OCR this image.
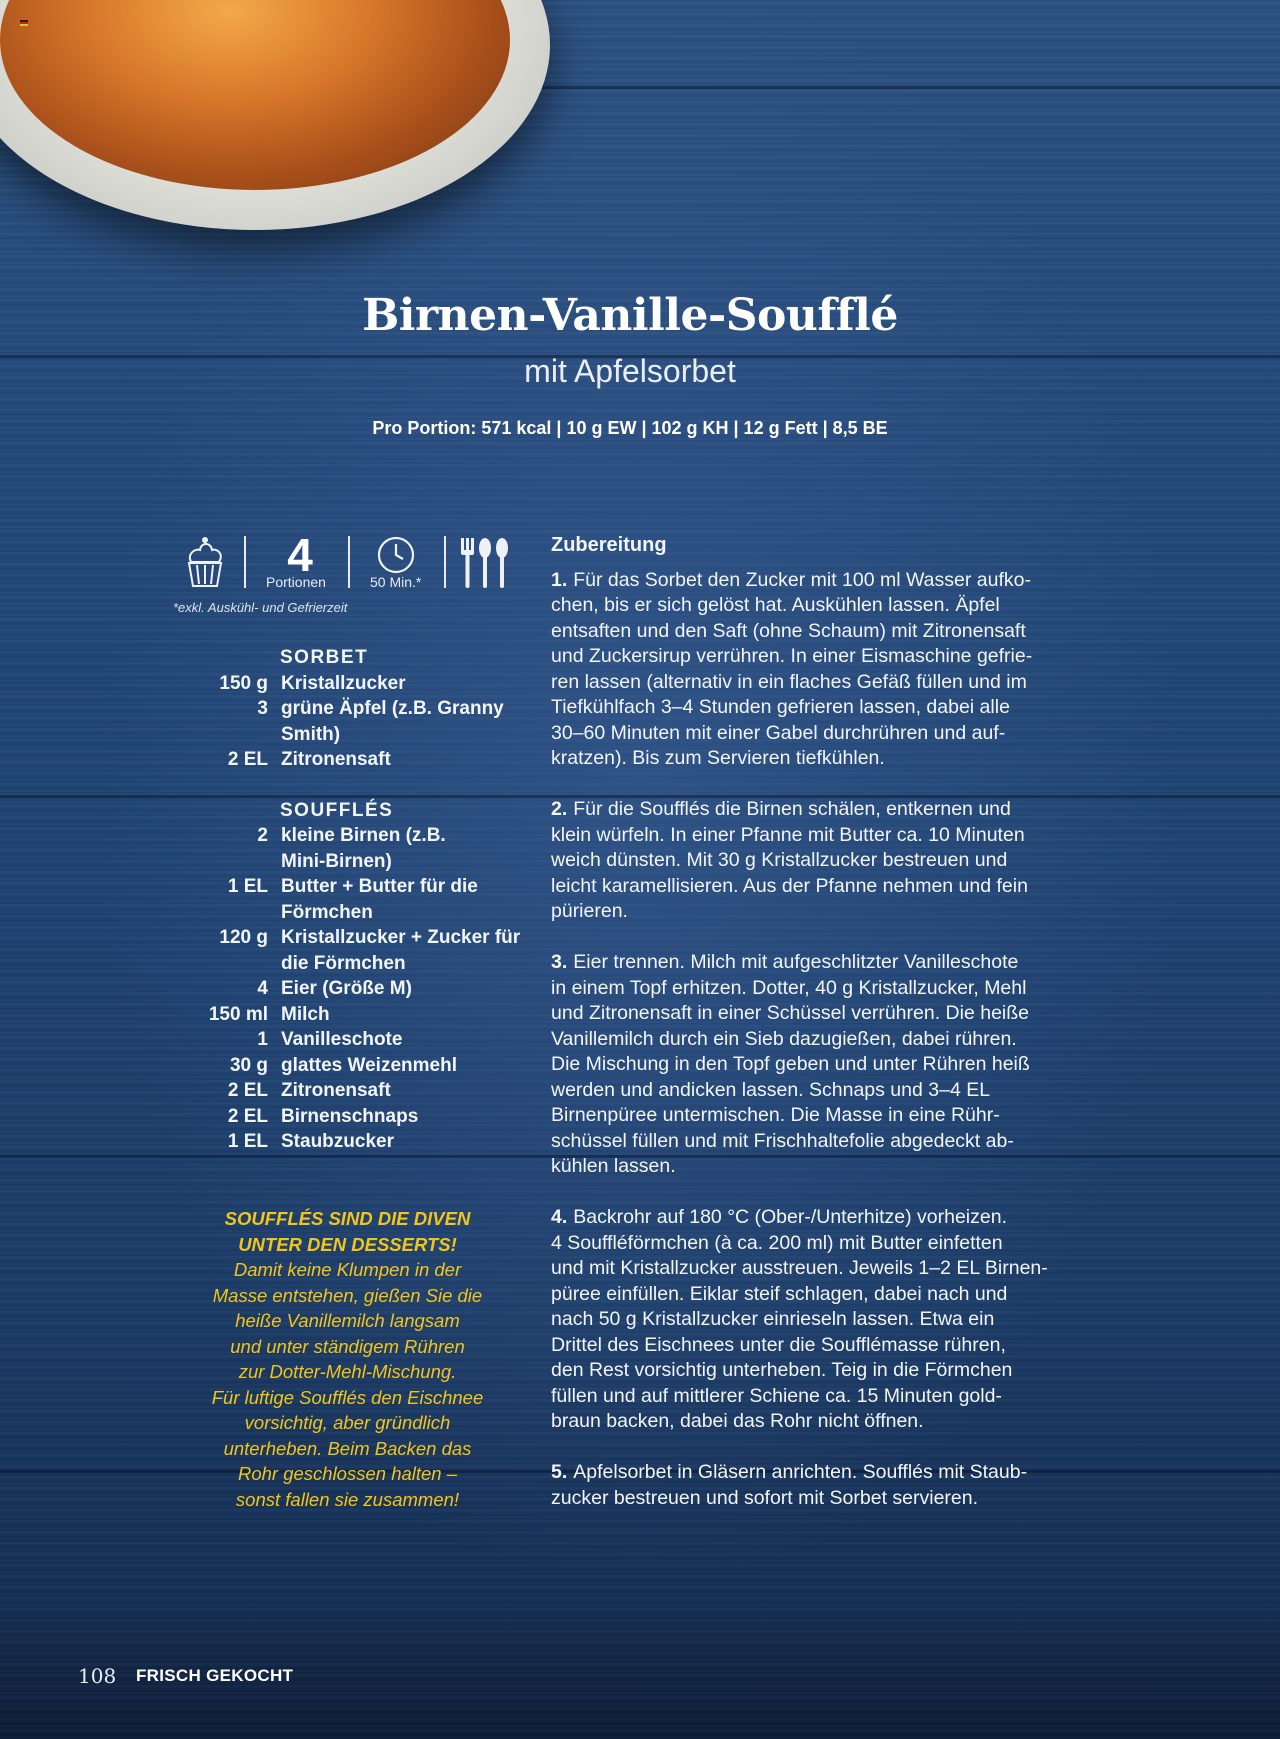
Birnen-Vanille-Soufflé
mit Apfelsorbet
Pro Portion: 571 kcal | 10 g EW | 102 g KH | 12 g Fett | 8,5 BE
4
Portionen	50 Min.*
*exkl. Auskühl- und Gefrierzeit
SORBET
150 g Kristallzucker
3 grüne Äpfel (z.B. Granny
Smith)
2 EL Zitronensaft
SOUFFLÉS
2 kleine Birnen (z.B.
Mini-Birnen)
1 EL Butter + Butter für die
Förmchen
120 g Kristallzucker + Zucker für
die Förmchen
4 Eier (Größe M)
150 ml Milch
1 Vanilleschote
30 g glattes Weizenmehl
2 EL Zitronensaft
2 EL Birnenschnaps
1 EL Staubzucker
SOUFFLÉS SIND DIE DIVEN
UNTER DEN DESSERTS!
Damit keine Klumpen in der
Masse entstehen, gießen Sie die
heiße Vanillemilch langsam
und unter ständigem Rühren
zur Dotter-Mehl-Mischung.
Für luftige Soufflés den Eischnee
vorsichtig, aber gründlich
unterheben. Beim Backen das
Rohr geschlossen halten –
sonst fallen sie zusammen!
Zubereitung
1. Für das Sorbet den Zucker mit 100 ml Wasser aufko-
chen, bis er sich gelöst hat. Auskühlen lassen. Äpfel
entsaften und den Saft (ohne Schaum) mit Zitronensaft
und Zuckersirup verrühren. In einer Eismaschine gefrie-
ren lassen (alternativ in ein flaches Gefäß füllen und im
Tiefkühlfach 3–4 Stunden gefrieren lassen, dabei alle
30–60 Minuten mit einer Gabel durchrühren und auf-
kratzen). Bis zum Servieren tiefkühlen.
2. Für die Soufflés die Birnen schälen, entkernen und
klein würfeln. In einer Pfanne mit Butter ca. 10 Minuten
weich dünsten. Mit 30 g Kristallzucker bestreuen und
leicht karamellisieren. Aus der Pfanne nehmen und fein
pürieren.
3. Eier trennen. Milch mit aufgeschlitzter Vanilleschote
in einem Topf erhitzen. Dotter, 40 g Kristallzucker, Mehl
und Zitronensaft in einer Schüssel verrühren. Die heiße
Vanillemilch durch ein Sieb dazugießen, dabei rühren.
Die Mischung in den Topf geben und unter Rühren heiß
werden und andicken lassen. Schnaps und 3–4 EL
Birnenpüree untermischen. Die Masse in eine Rühr-
schüssel füllen und mit Frischhaltefolie abgedeckt ab-
kühlen lassen.
4. Backrohr auf 180 °C (Ober-/Unterhitze) vorheizen.
4 Souffléförmchen (à ca. 200 ml) mit Butter einfetten
und mit Kristallzucker ausstreuen. Jeweils 1–2 EL Birnen-
püree einfüllen. Eiklar steif schlagen, dabei nach und
nach 50 g Kristallzucker einrieseln lassen. Etwa ein
Drittel des Eischnees unter die Soufflémasse rühren,
den Rest vorsichtig unterheben. Teig in die Förmchen
füllen und auf mittlerer Schiene ca. 15 Minuten gold-
braun backen, dabei das Rohr nicht öffnen.
5. Apfelsorbet in Gläsern anrichten. Soufflés mit Staub-
zucker bestreuen und sofort mit Sorbet servieren.
108 FRISCH GEKOCHT
